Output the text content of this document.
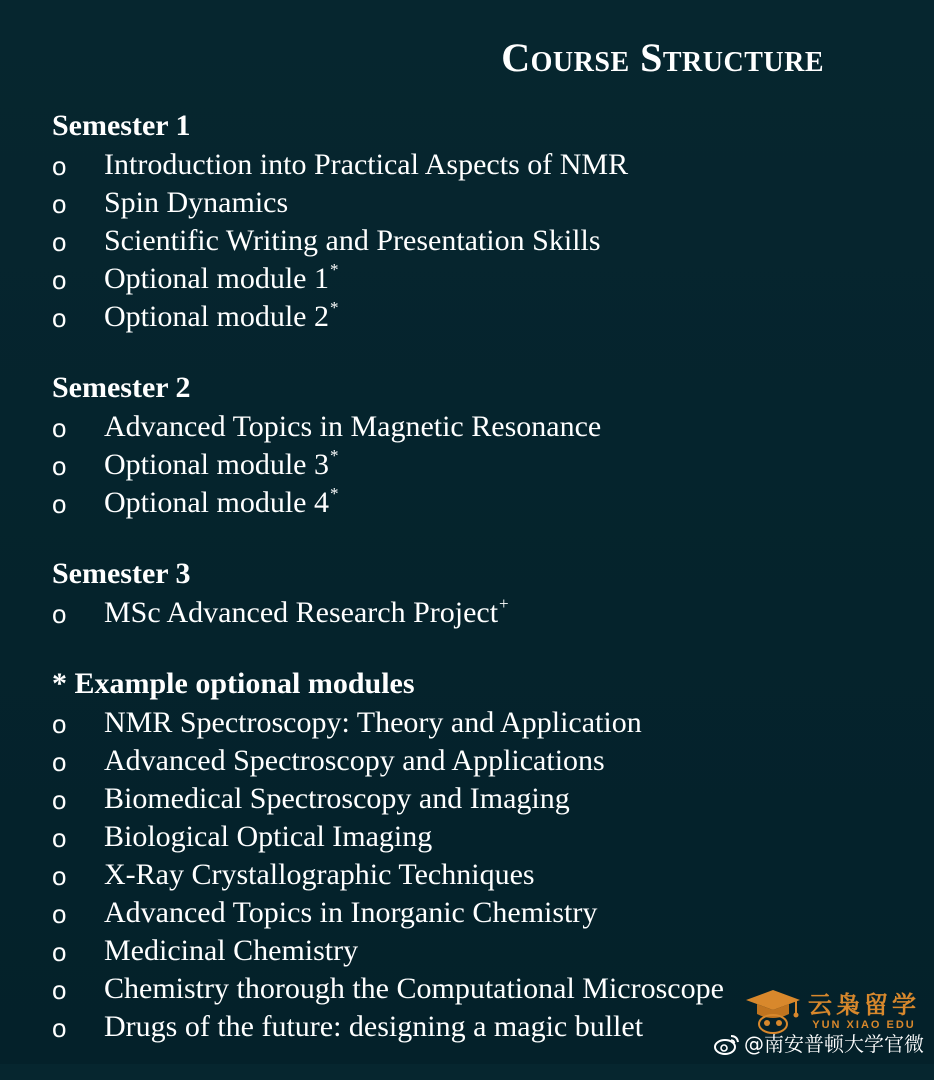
Course Structure
Semester 1
o Introduction into Practical Aspects of NMR
o Spin Dynamics
o Scientific Writing and Presentation Skills
o Optional module 1*
o Optional module 2*
Semester 2
o Advanced Topics in Magnetic Resonance
o Optional module 3*
o Optional module 4*
Semester 3
o MSc Advanced Research Project+
* Example optional modules
o NMR Spectroscopy: Theory and Application
o Advanced Spectroscopy and Applications
o Biomedical Spectroscopy and Imaging
o Biological Optical Imaging
o X-Ray Crystallographic Techniques
o Advanced Topics in Inorganic Chemistry
o Medicinal Chemistry
o Chemistry thorough the Computational Microscope
o Drugs of the future: designing a magic bullet
云枭留学
YUN XIAO EDU
@南安普顿大学官微
